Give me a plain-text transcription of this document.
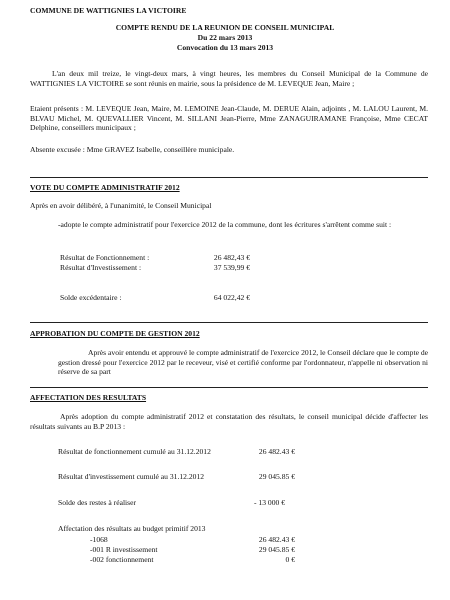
COMMUNE DE WATTIGNIES LA VICTOIRE

COMPTE RENDU DE LA REUNION DE CONSEIL MUNICIPAL

Du 22 mars 2013

Convocation du 13 mars 2013

L'an deux mil treize, le vingt-deux mars, à vingt heures, les membres du Conseil Municipal de la Commune de WATTIGNIES LA VICTOIRE se sont réunis en mairie, sous la présidence de M. LEVEQUE Jean, Maire ;

Etaient présents : M. LEVEQUE Jean, Maire, M. LEMOINE Jean-Claude, M. DERUE Alain, adjoints , M. LALOU Laurent, M. BLVAU Michel, M. QUEVALLIER Vincent, M. SILLANI Jean-Pierre, Mme ZANAGUIRAMANE Françoise, Mme CECAT Delphine, conseillers municipaux ;

Absente excusée : Mme GRAVEZ Isabelle, conseillère municipale.

VOTE DU COMPTE ADMINISTRATIF 2012

Après en avoir délibéré, à l'unanimité, le Conseil Municipal

-adopte le compte administratif pour l'exercice 2012 de la commune, dont les écritures s'arrêtent comme suit :

Résultat de Fonctionnement :	26 482,43 €

Résultat d'Investissement :	37 539,99 €

Solde excédentaire :	64 022,42 €

APPROBATION DU COMPTE DE GESTION 2012

Après avoir entendu et approuvé le compte administratif de l'exercice 2012, le Conseil déclare que le compte de gestion dressé pour l'exercice 2012 par le receveur, visé et certifié conforme par l'ordonnateur, n'appelle ni observation ni réserve de sa part

AFFECTATION DES RESULTATS

Après adoption du compte administratif 2012 et constatation des résultats, le conseil municipal décide d'affecter les résultats suivants au B.P 2013 :

Résultat de fonctionnement cumulé au 31.12.2012	26 482.43 €

Résultat d'investissement cumulé au 31.12.2012	29 045.85 €

Solde des restes à réaliser	- 13 000 €

Affectation des résultats au budget primitif 2013

-1068	26 482.43 €

-001 R investissement	29 045.85 €

-002 fonctionnement	0 €
